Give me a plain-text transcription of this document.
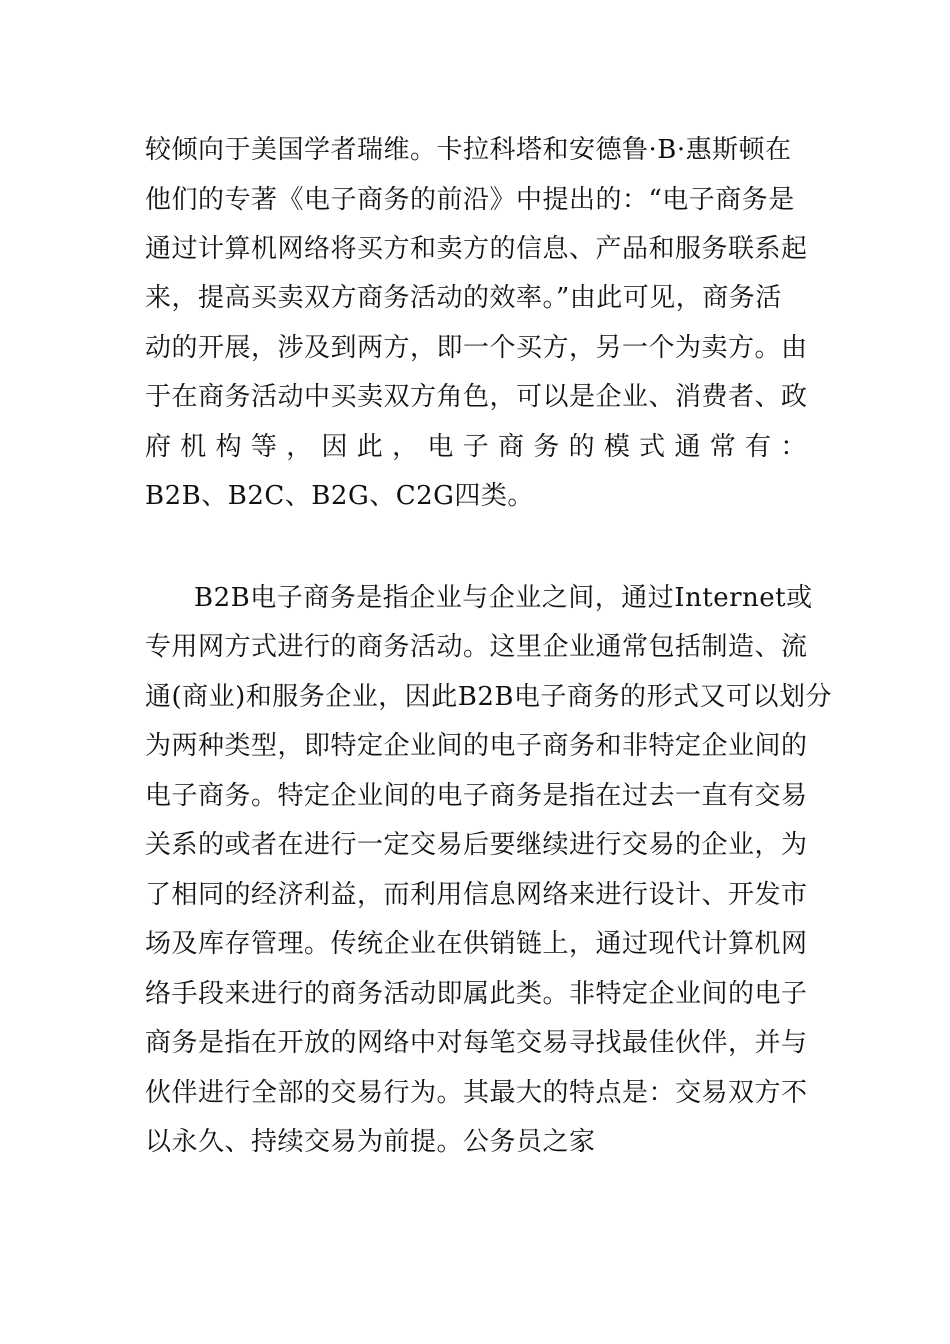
较倾向于美国学者瑞维。卡拉科塔和安德鲁·B·惠斯顿在
他们的专著《电子商务的前沿》中提出的：“电子商务是
通过计算机网络将买方和卖方的信息、产品和服务联系起
来，提高买卖双方商务活动的效率。”由此可见，商务活
动的开展，涉及到两方，即一个买方，另一个为卖方。由
于在商务活动中买卖双方角色，可以是企业、消费者、政
府 机 构 等 ， 因 此 ， 电 子 商 务 的 模 式 通 常 有 ：
B2B、B2C、B2G、C2G四类。
B2B电子商务是指企业与企业之间，通过Internet或
专用网方式进行的商务活动。这里企业通常包括制造、流
通(商业)和服务企业，因此B2B电子商务的形式又可以划分
为两种类型，即特定企业间的电子商务和非特定企业间的
电子商务。特定企业间的电子商务是指在过去一直有交易
关系的或者在进行一定交易后要继续进行交易的企业，为
了相同的经济利益，而利用信息网络来进行设计、开发市
场及库存管理。传统企业在供销链上，通过现代计算机网
络手段来进行的商务活动即属此类。非特定企业间的电子
商务是指在开放的网络中对每笔交易寻找最佳伙伴，并与
伙伴进行全部的交易行为。其最大的特点是：交易双方不
以永久、持续交易为前提。公务员之家
